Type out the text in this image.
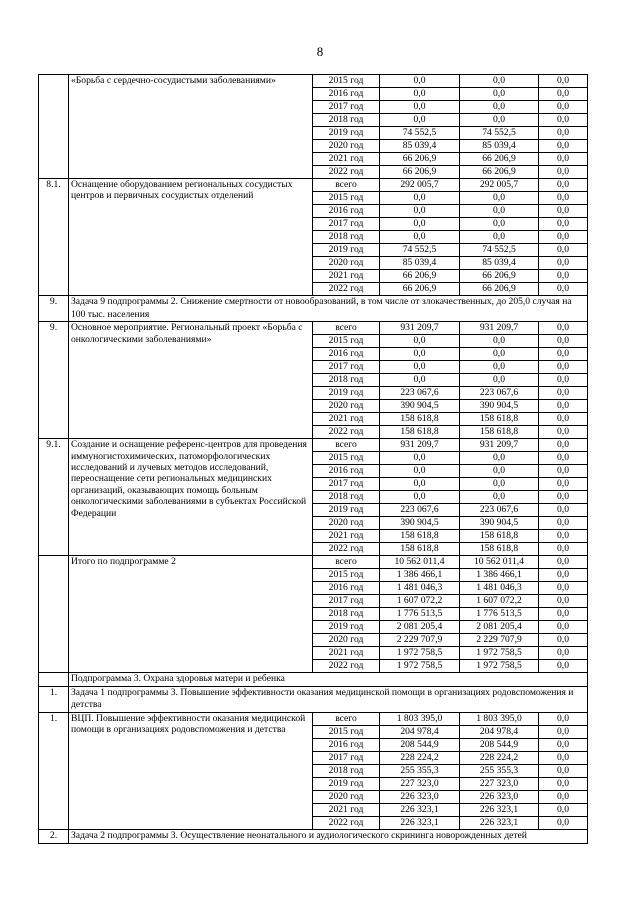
8
	«Борьба с сердечно-сосудистыми заболеваниями»	2015 год	0,0	0,0	0,0
		2016 год	0,0	0,0	0,0
		2017 год	0,0	0,0	0,0
		2018 год	0,0	0,0	0,0
		2019 год	74 552,5	74 552,5	0,0
		2020 год	85 039,4	85 039,4	0,0
		2021 год	66 206,9	66 206,9	0,0
		2022 год	66 206,9	66 206,9	0,0
8.1.	Оснащение оборудованием региональных сосудистых центров и первичных сосудистых отделений	всего	292 005,7	292 005,7	0,0
		2015 год	0,0	0,0	0,0
		2016 год	0,0	0,0	0,0
		2017 год	0,0	0,0	0,0
		2018 год	0,0	0,0	0,0
		2019 год	74 552,5	74 552,5	0,0
		2020 год	85 039,4	85 039,4	0,0
		2021 год	66 206,9	66 206,9	0,0
		2022 год	66 206,9	66 206,9	0,0
9.	Задача 9 подпрограммы 2. Снижение смертности от новообразований, в том числе от злокачественных, до 205,0 случая на 100 тыс. населения				
9.	Основное мероприятие. Региональный проект «Борьба с онкологическими заболеваниями»	всего	931 209,7	931 209,7	0,0
		2015 год	0,0	0,0	0,0
		2016 год	0,0	0,0	0,0
		2017 год	0,0	0,0	0,0
		2018 год	0,0	0,0	0,0
		2019 год	223 067,6	223 067,6	0,0
		2020 год	390 904,5	390 904,5	0,0
		2021 год	158 618,8	158 618,8	0,0
		2022 год	158 618,8	158 618,8	0,0
9.1.	Создание и оснащение референс-центров для проведения иммуногистохимических, патоморфологических исследований и лучевых методов исследований, переоснащение сети региональных медицинских организаций, оказывающих помощь больным онкологическими заболеваниями в субъектах Российской Федерации	всего	931 209,7	931 209,7	0,0
		2015 год	0,0	0,0	0,0
		2016 год	0,0	0,0	0,0
		2017 год	0,0	0,0	0,0
		2018 год	0,0	0,0	0,0
		2019 год	223 067,6	223 067,6	0,0
		2020 год	390 904,5	390 904,5	0,0
		2021 год	158 618,8	158 618,8	0,0
		2022 год	158 618,8	158 618,8	0,0
	Итого по подпрограмме 2	всего	10 562 011,4	10 562 011,4	0,0
		2015 год	1 386 466,1	1 386 466,1	0,0
		2016 год	1 481 046,3	1 481 046,3	0,0
		2017 год	1 607 072,2	1 607 072,2	0,0
		2018 год	1 776 513,5	1 776 513,5	0,0
		2019 год	2 081 205,4	2 081 205,4	0,0
		2020 год	2 229 707,9	2 229 707,9	0,0
		2021 год	1 972 758,5	1 972 758,5	0,0
		2022 год	1 972 758,5	1 972 758,5	0,0
	Подпрограмма 3. Охрана здоровья матери и ребенка				
1.	Задача 1 подпрограммы 3. Повышение эффективности оказания медицинской помощи в организациях родовспоможения и детства				
1.	ВЦП. Повышение эффективности оказания медицинской помощи в организациях родовспоможения и детства	всего	1 803 395,0	1 803 395,0	0,0
		2015 год	204 978,4	204 978,4	0,0
		2016 год	208 544,9	208 544,9	0,0
		2017 год	228 224,2	228 224,2	0,0
		2018 год	255 355,3	255 355,3	0,0
		2019 год	227 323,0	227 323,0	0,0
		2020 год	226 323,0	226 323,0	0,0
		2021 год	226 323,1	226 323,1	0,0
		2022 год	226 323,1	226 323,1	0,0
2.	Задача 2 подпрограммы 3. Осуществление неонатального и аудиологического скрининга новорожденных детей				
